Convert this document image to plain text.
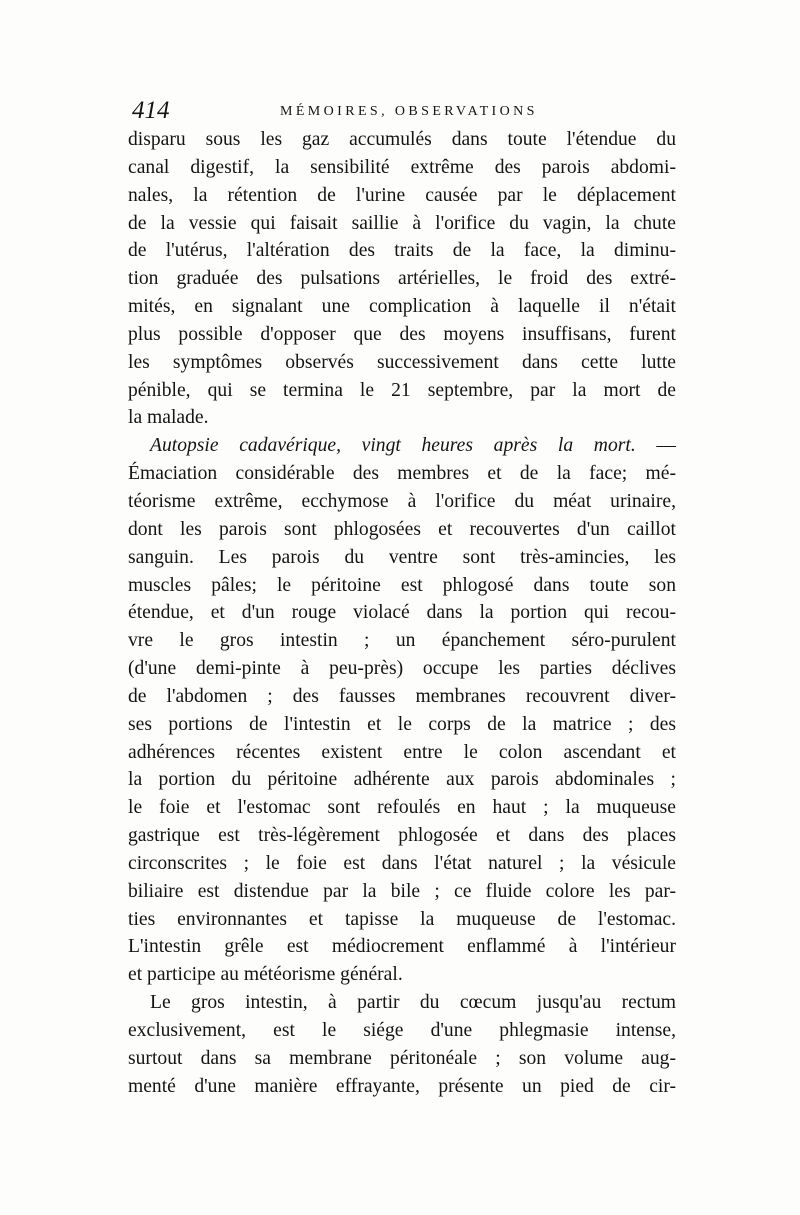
414	MÉMOIRES, OBSERVATIONS
disparu sous les gaz accumulés dans toute l'étendue du
canal digestif, la sensibilité extrême des parois abdomi-
nales, la rétention de l'urine causée par le déplacement
de la vessie qui faisait saillie à l'orifice du vagin, la chute
de l'utérus, l'altération des traits de la face, la diminu-
tion graduée des pulsations artérielles, le froid des extré-
mités, en signalant une complication à laquelle il n'était
plus possible d'opposer que des moyens insuffisans, furent
les symptômes observés successivement dans cette lutte
pénible, qui se termina le 21 septembre, par la mort de
la malade.
Autopsie cadavérique, vingt heures après la mort. —
Émaciation considérable des membres et de la face; mé-
téorisme extrême, ecchymose à l'orifice du méat urinaire,
dont les parois sont phlogosées et recouvertes d'un caillot
sanguin. Les parois du ventre sont très-amincies, les
muscles pâles; le péritoine est phlogosé dans toute son
étendue, et d'un rouge violacé dans la portion qui recou-
vre le gros intestin ; un épanchement séro-purulent
(d'une demi-pinte à peu-près) occupe les parties déclives
de l'abdomen ; des fausses membranes recouvrent diver-
ses portions de l'intestin et le corps de la matrice ; des
adhérences récentes existent entre le colon ascendant et
la portion du péritoine adhérente aux parois abdominales ;
le foie et l'estomac sont refoulés en haut ; la muqueuse
gastrique est très-légèrement phlogosée et dans des places
circonscrites ; le foie est dans l'état naturel ; la vésicule
biliaire est distendue par la bile ; ce fluide colore les par-
ties environnantes et tapisse la muqueuse de l'estomac.
L'intestin grêle est médiocrement enflammé à l'intérieur
et participe au météorisme général.
Le gros intestin, à partir du cœcum jusqu'au rectum
exclusivement, est le siége d'une phlegmasie intense,
surtout dans sa membrane péritonéale ; son volume aug-
menté d'une manière effrayante, présente un pied de cir-
